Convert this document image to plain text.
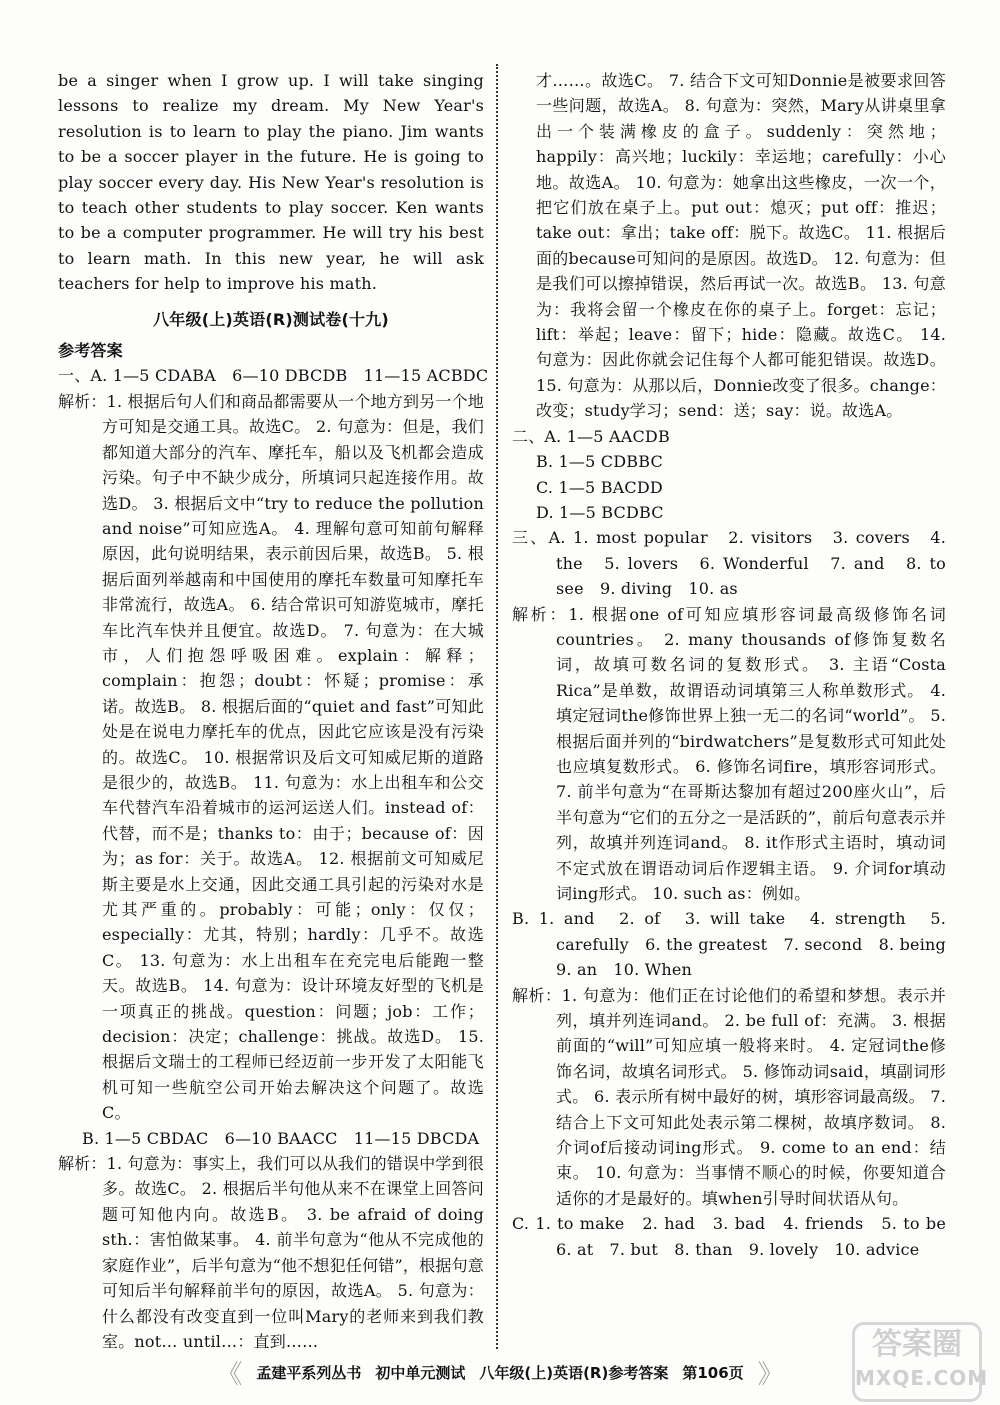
be a singer when I grow up. I will take singing lessons to realize my dream. My New Year's resolution is to learn to play the piano. Jim wants to be a soccer player in the future. He is going to play soccer every day. His New Year's resolution is to teach other students to play soccer. Ken wants to be a computer programmer. He will try his best to learn math. In this new year, he will ask teachers for help to improve his math.

八年级(上)英语(R)测试卷(十九)
参考答案

一、A. 1—5 CDABA　6—10 DBCDB　11—15 ACBDC

解析：1. 根据后句人们和商品都需要从一个地方到另一个地方可知是交通工具。故选C。 2. 句意为：但是，我们都知道大部分的汽车、摩托车，船以及飞机都会造成污染。句子中不缺少成分，所填词只起连接作用。故选D。 3. 根据后文中“try to reduce the pollution and noise”可知应选A。 4. 理解句意可知前句解释原因，此句说明结果，表示前因后果，故选B。 5. 根据后面列举越南和中国使用的摩托车数量可知摩托车非常流行，故选A。 6. 结合常识可知游览城市，摩托车比汽车快并且便宜。故选D。 7. 句意为：在大城市，人们抱怨呼吸困难。explain：解释；complain：抱怨；doubt：怀疑；promise：承诺。故选B。 8. 根据后面的“quiet and fast”可知此处是在说电力摩托车的优点，因此它应该是没有污染的。故选C。 10. 根据常识及后文可知威尼斯的道路是很少的，故选B。 11. 句意为：水上出租车和公交车代替汽车沿着城市的运河运送人们。instead of：代替，而不是；thanks to：由于；because of：因为；as for：关于。故选A。 12. 根据前文可知威尼斯主要是水上交通，因此交通工具引起的污染对水是尤其严重的。probably：可能；only：仅仅；especially：尤其，特别；hardly：几乎不。故选C。 13. 句意为：水上出租车在充完电后能跑一整天。故选B。 14. 句意为：设计环境友好型的飞机是一项真正的挑战。question：问题；job：工作；decision：决定；challenge：挑战。故选D。 15. 根据后文瑞士的工程师已经迈前一步开发了太阳能飞机可知一些航空公司开始去解决这个问题了。故选C。

B. 1—5 CBDAC　6—10 BAACC　11—15 DBCDA

解析：1. 句意为：事实上，我们可以从我们的错误中学到很多。故选C。 2. 根据后半句他从来不在课堂上回答问题可知他内向。故选B。 3. be afraid of doing sth.：害怕做某事。 4. 前半句意为“他从不完成他的家庭作业”，后半句意为“他不想犯任何错”，根据句意可知后半句解释前半句的原因，故选A。 5. 句意为：什么都没有改变直到一位叫Mary的老师来到我们教室。not… until…：直到……

才……。故选C。 7. 结合下文可知Donnie是被要求回答一些问题，故选A。 8. 句意为：突然，Mary从讲桌里拿出一个装满橡皮的盒子。suddenly：突然地；happily：高兴地；luckily：幸运地；carefully：小心地。故选A。 10. 句意为：她拿出这些橡皮，一次一个，把它们放在桌子上。put out：熄灭；put off：推迟；take out：拿出；take off：脱下。故选C。 11. 根据后面的because可知问的是原因。故选D。 12. 句意为：但是我们可以擦掉错误，然后再试一次。故选B。 13. 句意为：我将会留一个橡皮在你的桌子上。forget：忘记；lift：举起；leave：留下；hide：隐藏。故选C。 14. 句意为：因此你就会记住每个人都可能犯错误。故选D。 15. 句意为：从那以后，Donnie改变了很多。change：改变；study学习；send：送；say：说。故选A。

二、A. 1—5 AACDB

B. 1—5 CDBBC

C. 1—5 BACDD

D. 1—5 BCDBC

三、A. 1. most popular　2. visitors　3. covers　4. the　5. lovers　6. Wonderful　7. and　8. to see　9. diving　10. as

解析：1. 根据one of可知应填形容词最高级修饰名词countries。 2. many thousands of修饰复数名词，故填可数名词的复数形式。 3. 主语“Costa Rica”是单数，故谓语动词填第三人称单数形式。 4. 填定冠词the修饰世界上独一无二的名词“world”。 5. 根据后面并列的“birdwatchers”是复数形式可知此处也应填复数形式。 6. 修饰名词fire，填形容词形式。 7. 前半句意为“在哥斯达黎加有超过200座火山”，后半句意为“它们的五分之一是活跃的”，前后句意表示并列，故填并列连词and。 8. it作形式主语时，填动词不定式放在谓语动词后作逻辑主语。 9. 介词for填动词ing形式。 10. such as：例如。

B. 1. and　2. of　3. will take　4. strength　5. carefully　6. the greatest　7. second　8. being　9. an　10. When

解析：1. 句意为：他们正在讨论他们的希望和梦想。表示并列，填并列连词and。 2. be full of：充满。 3. 根据前面的“will”可知应填一般将来时。 4. 定冠词the修饰名词，故填名词形式。 5. 修饰动词said，填副词形式。 6. 表示所有树中最好的树，填形容词最高级。 7. 结合上下文可知此处表示第二棵树，故填序数词。 8. 介词of后接动词ing形式。 9. come to an end：结束。 10. 句意为：当事情不顺心的时候，你要知道合适你的才是最好的。填when引导时间状语从句。

C. 1. to make　2. had　3. bad　4. friends　5. to be　6. at　7. but　8. than　9. lovely　10. advice

《 孟建平系列丛书 初中单元测试 八年级(上)英语(R)参考答案 第106页 》
答案圈
MXQE.COM
